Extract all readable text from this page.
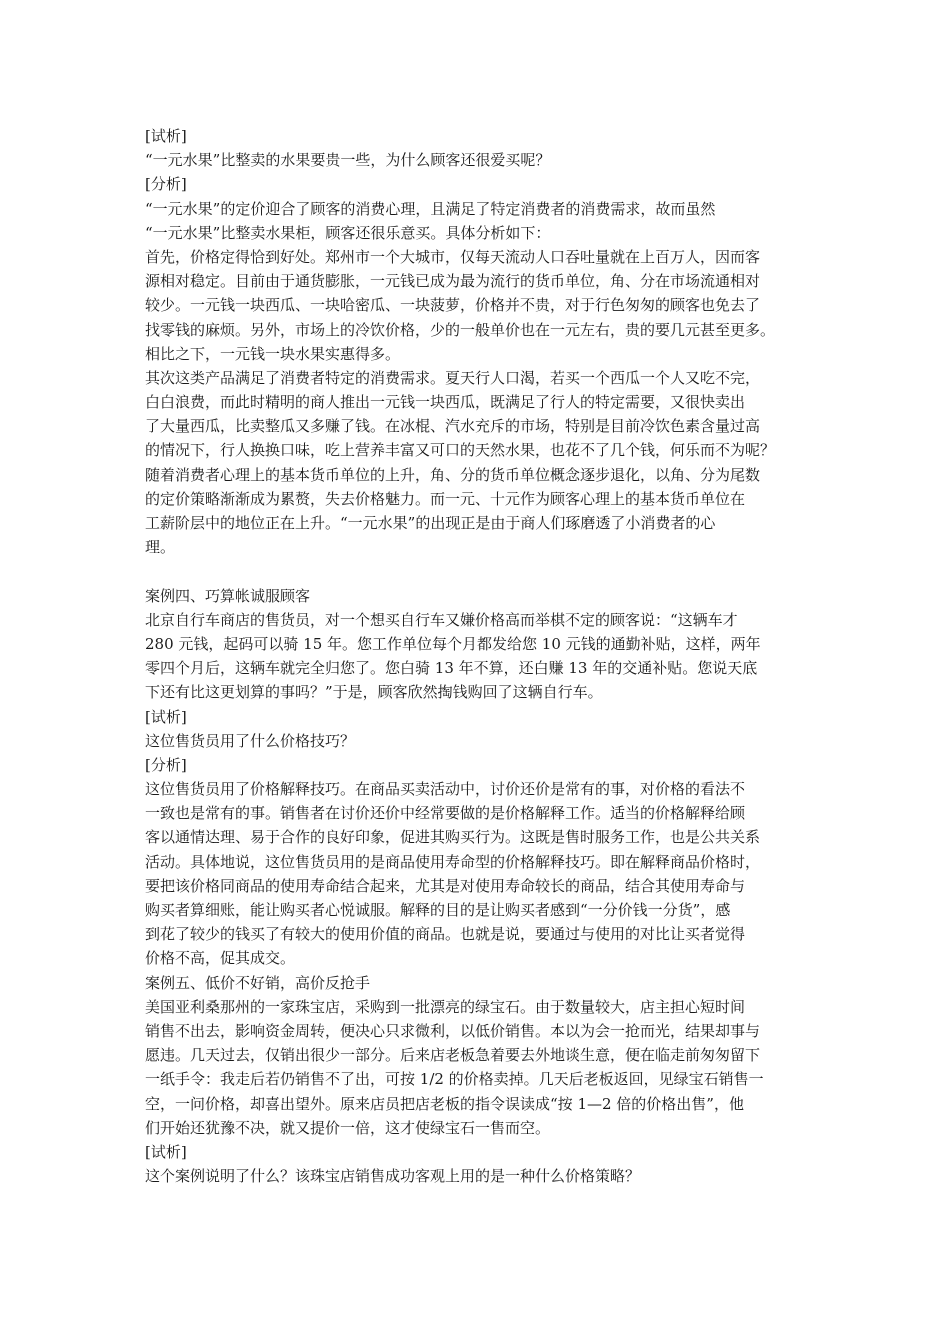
[试析]
“一元水果”比整卖的水果要贵一些，为什么顾客还很爱买呢？
[分析]
“一元水果”的定价迎合了顾客的消费心理，且满足了特定消费者的消费需求，故而虽然
“一元水果”比整卖水果柜，顾客还很乐意买。具体分析如下：
首先，价格定得恰到好处。郑州市一个大城市，仅每天流动人口吞吐量就在上百万人，因而客
源相对稳定。目前由于通货膨胀，一元钱已成为最为流行的货币单位，角、分在市场流通相对
较少。一元钱一块西瓜、一块哈密瓜、一块菠萝，价格并不贵，对于行色匆匆的顾客也免去了
找零钱的麻烦。另外，市场上的冷饮价格，少的一般单价也在一元左右，贵的要几元甚至更多。
相比之下，一元钱一块水果实惠得多。
其次这类产品满足了消费者特定的消费需求。夏天行人口渴，若买一个西瓜一个人又吃不完，
白白浪费，而此时精明的商人推出一元钱一块西瓜，既满足了行人的特定需要，又很快卖出
了大量西瓜，比卖整瓜又多赚了钱。在冰棍、汽水充斥的市场，特别是目前冷饮色素含量过高
的情况下，行人换换口味，吃上营养丰富又可口的天然水果，也花不了几个钱，何乐而不为呢？
随着消费者心理上的基本货币单位的上升，角、分的货币单位概念逐步退化，以角、分为尾数
的定价策略渐渐成为累赘，失去价格魅力。而一元、十元作为顾客心理上的基本货币单位在
工薪阶层中的地位正在上升。“一元水果”的出现正是由于商人们琢磨透了小消费者的心
理。
案例四、巧算帐诚服顾客
北京自行车商店的售货员，对一个想买自行车又嫌价格高而举棋不定的顾客说：“这辆车才
280 元钱，起码可以骑 15 年。您工作单位每个月都发给您 10 元钱的通勤补贴，这样，两年
零四个月后，这辆车就完全归您了。您白骑 13 年不算，还白赚 13 年的交通补贴。您说天底
下还有比这更划算的事吗？”于是，顾客欣然掏钱购回了这辆自行车。
[试析]
这位售货员用了什么价格技巧？
[分析]
这位售货员用了价格解释技巧。在商品买卖活动中，讨价还价是常有的事，对价格的看法不
一致也是常有的事。销售者在讨价还价中经常要做的是价格解释工作。适当的价格解释给顾
客以通情达理、易于合作的良好印象，促进其购买行为。这既是售时服务工作，也是公共关系
活动。具体地说，这位售货员用的是商品使用寿命型的价格解释技巧。即在解释商品价格时，
要把该价格同商品的使用寿命结合起来，尤其是对使用寿命较长的商品，结合其使用寿命与
购买者算细账，能让购买者心悦诚服。解释的目的是让购买者感到“一分价钱一分货”，感
到花了较少的钱买了有较大的使用价值的商品。也就是说，要通过与使用的对比让买者觉得
价格不高，促其成交。
案例五、低价不好销，高价反抢手
美国亚利桑那州的一家珠宝店，采购到一批漂亮的绿宝石。由于数量较大，店主担心短时间
销售不出去，影响资金周转，便决心只求微利，以低价销售。本以为会一抢而光，结果却事与
愿违。几天过去，仅销出很少一部分。后来店老板急着要去外地谈生意，便在临走前匆匆留下
一纸手令：我走后若仍销售不了出，可按 1/2 的价格卖掉。几天后老板返回，见绿宝石销售一
空，一问价格，却喜出望外。原来店员把店老板的指令误读成“按 1—2 倍的价格出售”，他
们开始还犹豫不决，就又提价一倍，这才使绿宝石一售而空。
[试析]
这个案例说明了什么？该珠宝店销售成功客观上用的是一种什么价格策略？
